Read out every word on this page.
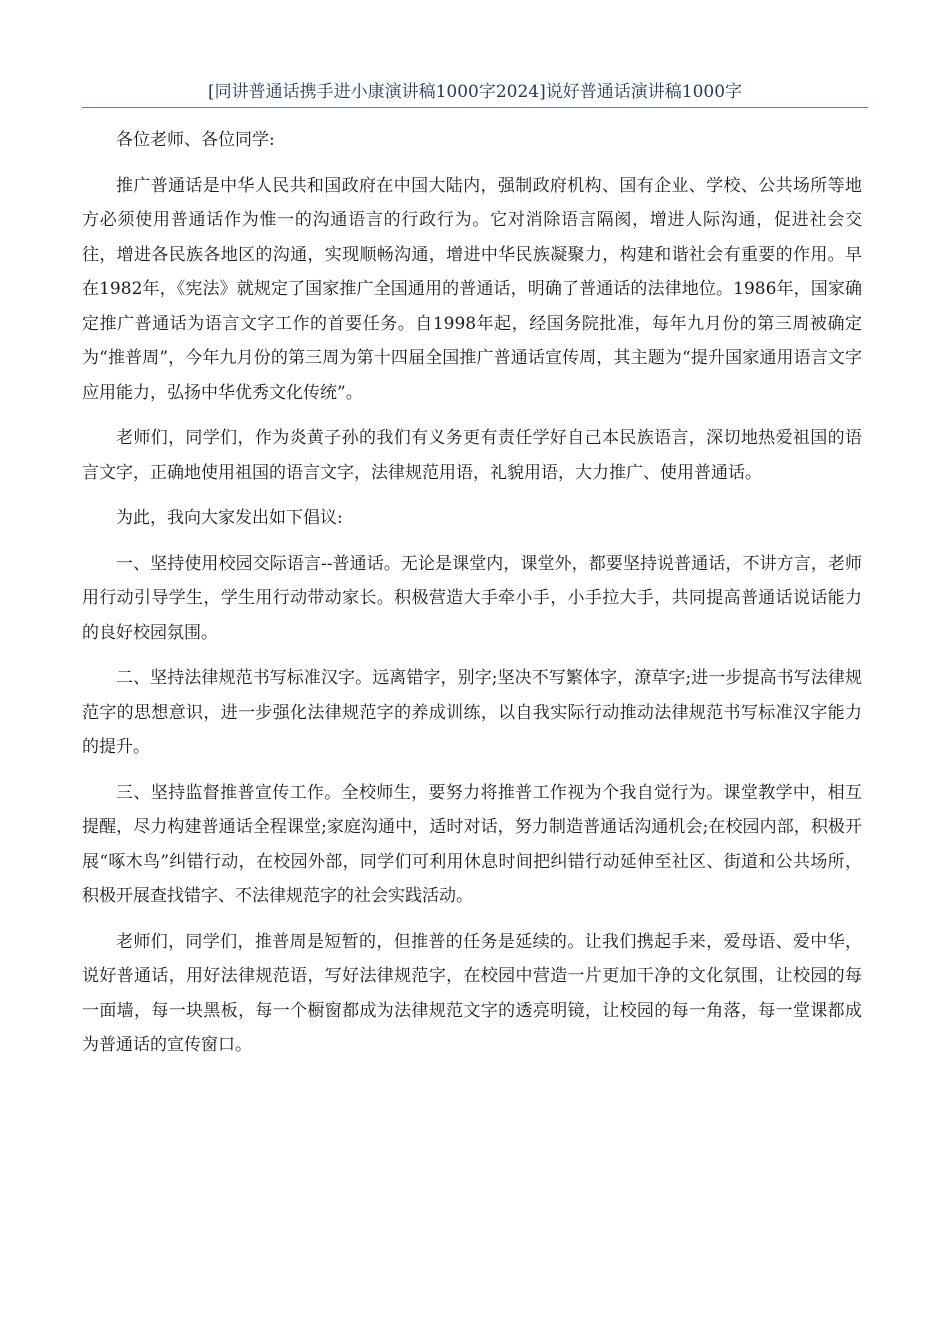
[同讲普通话携手进小康演讲稿1000字2024]说好普通话演讲稿1000字

各位老师、各位同学:

推广普通话是中华人民共和国政府在中国大陆内，强制政府机构、国有企业、学校、公共场所等地方必须使用普通话作为惟一的沟通语言的行政行为。它对消除语言隔阂，增进人际沟通，促进社会交往，增进各民族各地区的沟通，实现顺畅沟通，增进中华民族凝聚力，构建和谐社会有重要的作用。早在1982年，《宪法》就规定了国家推广全国通用的普通话，明确了普通话的法律地位。1986年，国家确定推广普通话为语言文字工作的首要任务。自1998年起，经国务院批准，每年九月份的第三周被确定为“推普周”，今年九月份的第三周为第十四届全国推广普通话宣传周，其主题为“提升国家通用语言文字应用能力，弘扬中华优秀文化传统”。

老师们，同学们，作为炎黄子孙的我们有义务更有责任学好自己本民族语言，深切地热爱祖国的语言文字，正确地使用祖国的语言文字，法律规范用语，礼貌用语，大力推广、使用普通话。

为此，我向大家发出如下倡议:

一、坚持使用校园交际语言--普通话。无论是课堂内，课堂外，都要坚持说普通话，不讲方言，老师用行动引导学生，学生用行动带动家长。积极营造大手牵小手，小手拉大手，共同提高普通话说话能力的良好校园氛围。

二、坚持法律规范书写标准汉字。远离错字，别字;坚决不写繁体字，潦草字;进一步提高书写法律规范字的思想意识，进一步强化法律规范字的养成训练，以自我实际行动推动法律规范书写标准汉字能力的提升。

三、坚持监督推普宣传工作。全校师生，要努力将推普工作视为个我自觉行为。课堂教学中，相互提醒，尽力构建普通话全程课堂;家庭沟通中，适时对话，努力制造普通话沟通机会;在校园内部，积极开展“啄木鸟”纠错行动，在校园外部，同学们可利用休息时间把纠错行动延伸至社区、街道和公共场所，积极开展查找错字、不法律规范字的社会实践活动。

老师们，同学们，推普周是短暂的，但推普的任务是延续的。让我们携起手来，爱母语、爱中华，说好普通话，用好法律规范语，写好法律规范字，在校园中营造一片更加干净的文化氛围，让校园的每一面墙，每一块黑板，每一个橱窗都成为法律规范文字的透亮明镜，让校园的每一角落，每一堂课都成为普通话的宣传窗口。
